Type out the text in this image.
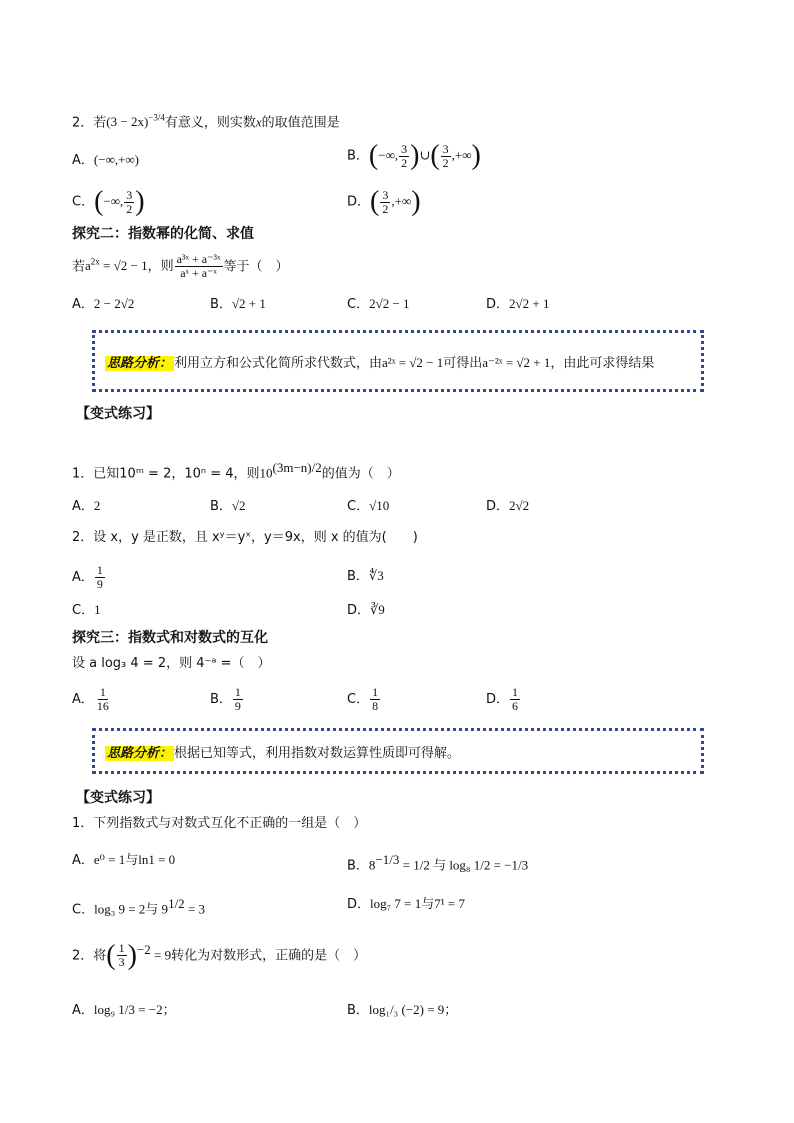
2．若$(3 - 2x)^{-3/4}$有意义，则实数x的取值范围是
A．(−∞,+∞)	B．(−∞, $\frac{3}{2}$ )∪( $\frac{3}{2}$ ,+∞)
C．(−∞, $\frac{3}{2}$ )	D．( $\frac{3}{2}$ ,+∞)
探究二：指数幂的化简、求值
若$a^{2x} = √2 - 1$，则 $\frac{\text{a³ˣ + a⁻³ˣ}}{\text{aˣ + a⁻ˣ}}$ 等于（　）
A．2 − 2√2	B．√2 + 1	C．2√2 − 1	D．2√2 + 1
思路分析： 利用立方和公式化简所求代数式，由a²ˣ = √2 − 1可得出a⁻²ˣ = √2 + 1，由此可求得结果
【变式练习】
1．已知10ᵐ = 2，10ⁿ = 4，则$10^{(3m-n)/2}$的值为（　）
A．2	B．√2	C．√10	D．2√2
2．设 x，y 是正数，且 xʸ＝yˣ，y＝9x，则 x 的值为(　　)
A． $\frac{1}{9}$	B．∜3
C．1	D．∛9
探究三：指数式和对数式的互化
设 a log₃ 4 = 2，则 4⁻ᵃ =（　）
A． $\frac{1}{16}$	B． $\frac{1}{9}$	C． $\frac{1}{8}$	D． $\frac{1}{6}$
思路分析： 根据已知等式，利用指数对数运算性质即可得解。
【变式练习】
1．下列指数式与对数式互化不正确的一组是（　）
A．e⁰ = 1与ln1 = 0	B．$8^{-1/3} = 1/2$ 与 log₈ 1/2 = −1/3
C．log₃ 9 = 2与 $9^{1/2} = 3$	D．log₇ 7 = 1与7¹ = 7
2．将( $\frac{1}{3} )^{-2} = 9$转化为对数形式，正确的是（　）
A．log₉ 1/3 = −2；	B．log₁/₃ (−2) = 9；
